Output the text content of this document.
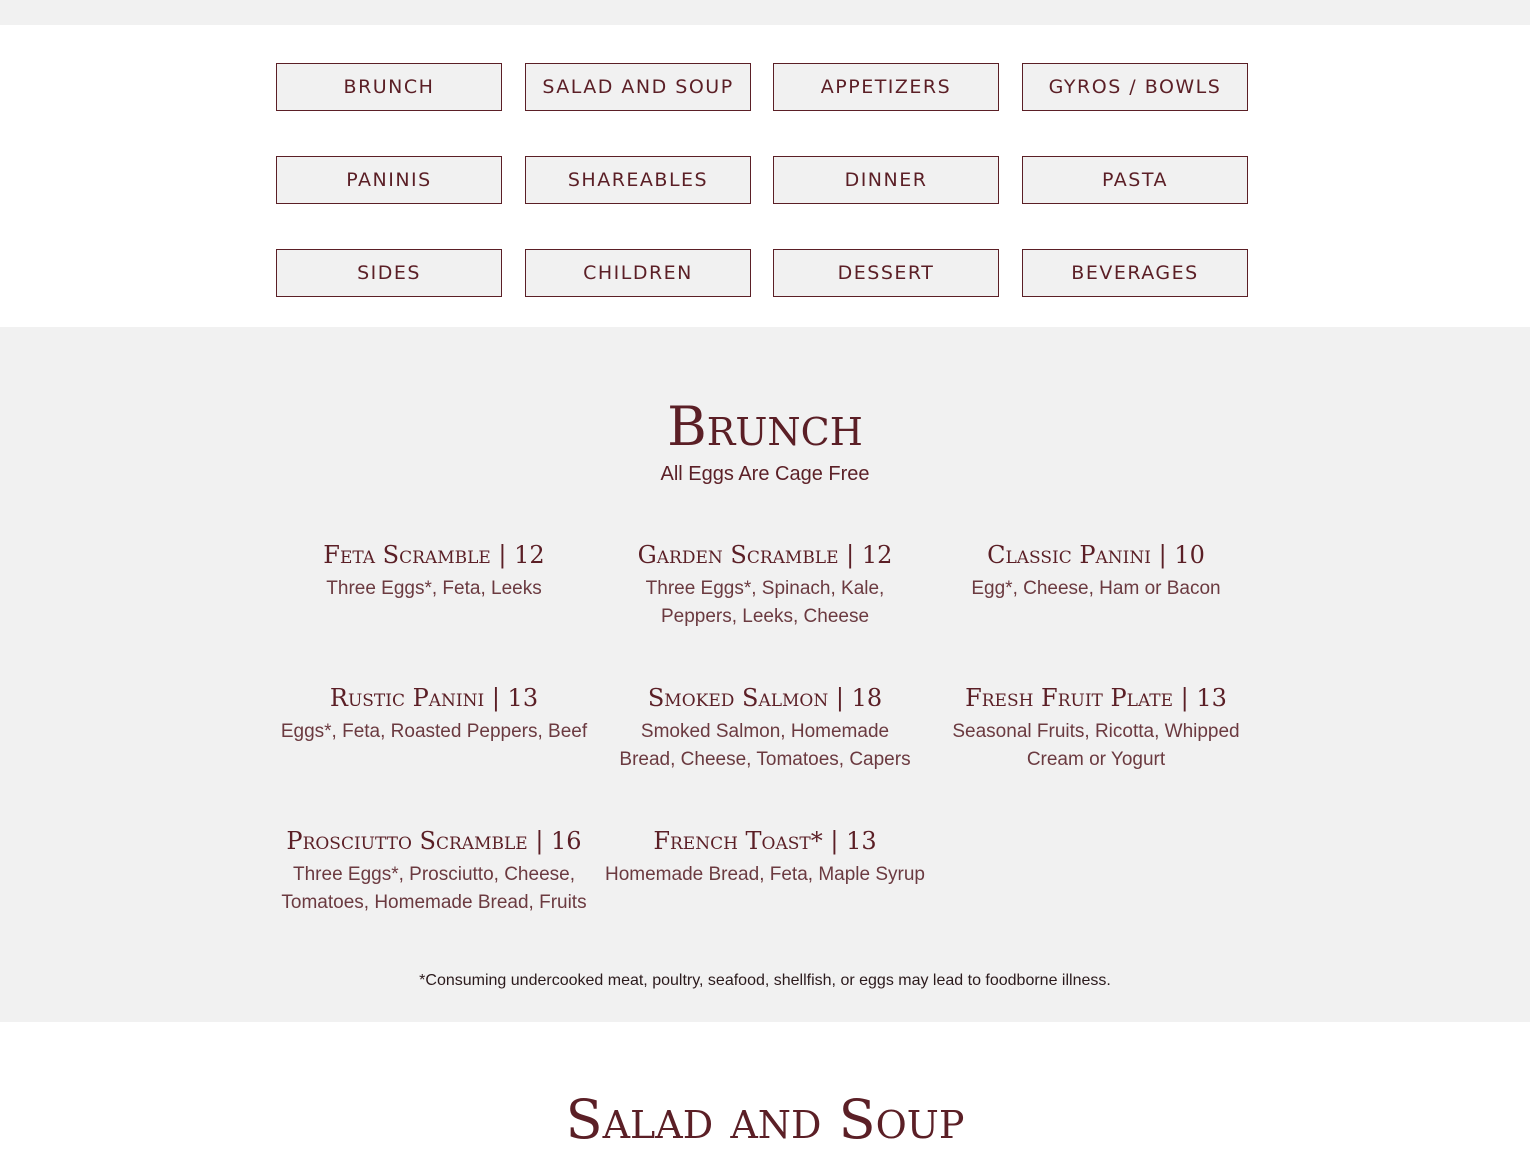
BRUNCH	SALAD AND SOUP	APPETIZERS	GYROS / BOWLS
PANINIS	SHAREABLES	DINNER	PASTA
SIDES	CHILDREN	DESSERT	BEVERAGES
Brunch
All Eggs Are Cage Free
Feta Scramble | 12
Three Eggs*, Feta, Leeks
Garden Scramble | 12
Three Eggs*, Spinach, Kale, Peppers, Leeks, Cheese
Classic Panini | 10
Egg*, Cheese, Ham or Bacon
Rustic Panini | 13
Eggs*, Feta, Roasted Peppers, Beef
Smoked Salmon | 18
Smoked Salmon, Homemade Bread, Cheese, Tomatoes, Capers
Fresh Fruit Plate | 13
Seasonal Fruits, Ricotta, Whipped Cream or Yogurt
Prosciutto Scramble | 16
Three Eggs*, Prosciutto, Cheese, Tomatoes, Homemade Bread, Fruits
French Toast* | 13
Homemade Bread, Feta, Maple Syrup
*Consuming undercooked meat, poultry, seafood, shellfish, or eggs may lead to foodborne illness.
Salad and Soup
